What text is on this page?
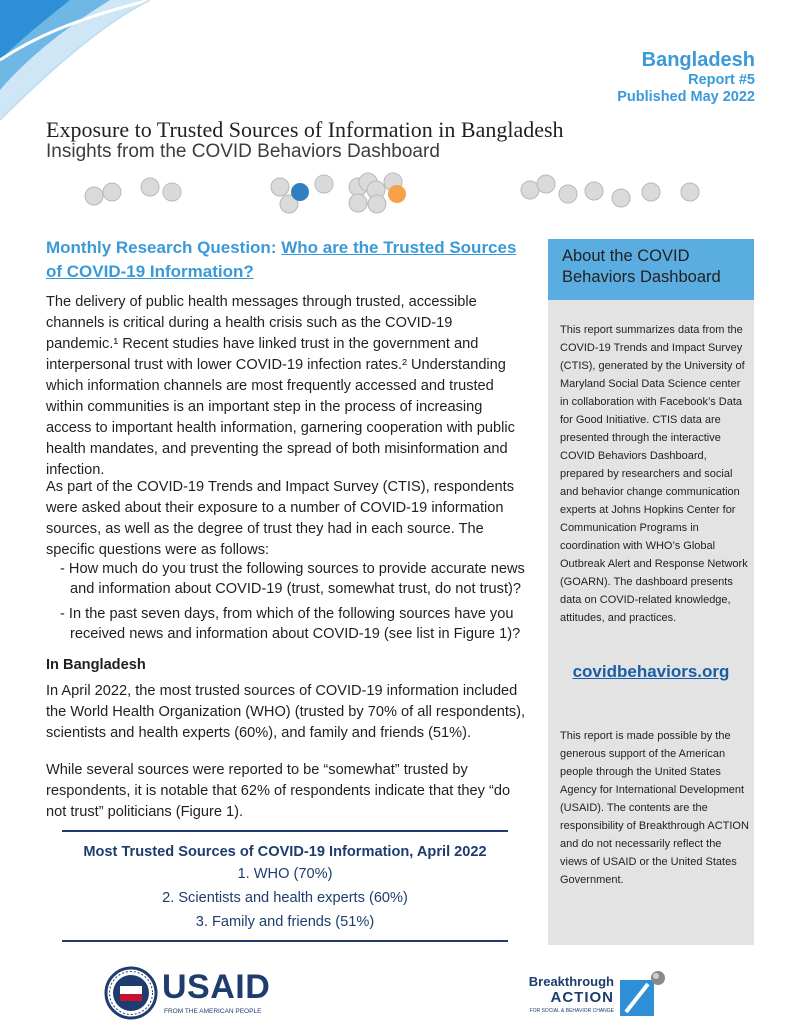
Bangladesh
Report #5
Published May 2022
Exposure to Trusted Sources of Information in Bangladesh
Insights from the COVID Behaviors Dashboard
Monthly Research Question: Who are the Trusted Sources of COVID-19 Information?
The delivery of public health messages through trusted, accessible channels is critical during a health crisis such as the COVID-19 pandemic.¹ Recent studies have linked trust in the government and interpersonal trust with lower COVID-19 infection rates.² Understanding which information channels are most frequently accessed and trusted within communities is an important step in the process of increasing access to important health information, garnering cooperation with public health mandates, and preventing the spread of both misinformation and infection.
As part of the COVID-19 Trends and Impact Survey (CTIS), respondents were asked about their exposure to a number of COVID-19 information sources, as well as the degree of trust they had in each source. The specific questions were as follows:
- How much do you trust the following sources to provide accurate news and information about COVID-19 (trust, somewhat trust, do not trust)?
- In the past seven days, from which of the following sources have you received news and information about COVID-19 (see list in Figure 1)?
In Bangladesh
In April 2022, the most trusted sources of COVID-19 information included the World Health Organization (WHO) (trusted by 70% of all respondents), scientists and health experts (60%), and family and friends (51%).
While several sources were reported to be “somewhat” trusted by respondents, it is notable that 62% of respondents indicate that they “do not trust” politicians (Figure 1).
Most Trusted Sources of COVID-19 Information, April 2022
1. WHO (70%)
2. Scientists and health experts (60%)
3. Family and friends (51%)
About the COVID Behaviors Dashboard
This report summarizes data from the COVID-19 Trends and Impact Survey (CTIS), generated by the University of Maryland Social Data Science center in collaboration with Facebook’s Data for Good Initiative. CTIS data are presented through the interactive COVID Behaviors Dashboard, prepared by researchers and social and behavior change communication experts at Johns Hopkins Center for Communication Programs in coordination with WHO’s Global Outbreak Alert and Response Network (GOARN). The dashboard presents data on COVID-related knowledge, attitudes, and practices.
covidbehaviors.org
This report is made possible by the generous support of the American people through the United States Agency for International Development (USAID). The contents are the responsibility of Breakthrough ACTION and do not necessarily reflect the views of USAID or the United States Government.
USAID
FROM THE AMERICAN PEOPLE
Breakthrough
ACTION
FOR SOCIAL & BEHAVIOR CHANGE
